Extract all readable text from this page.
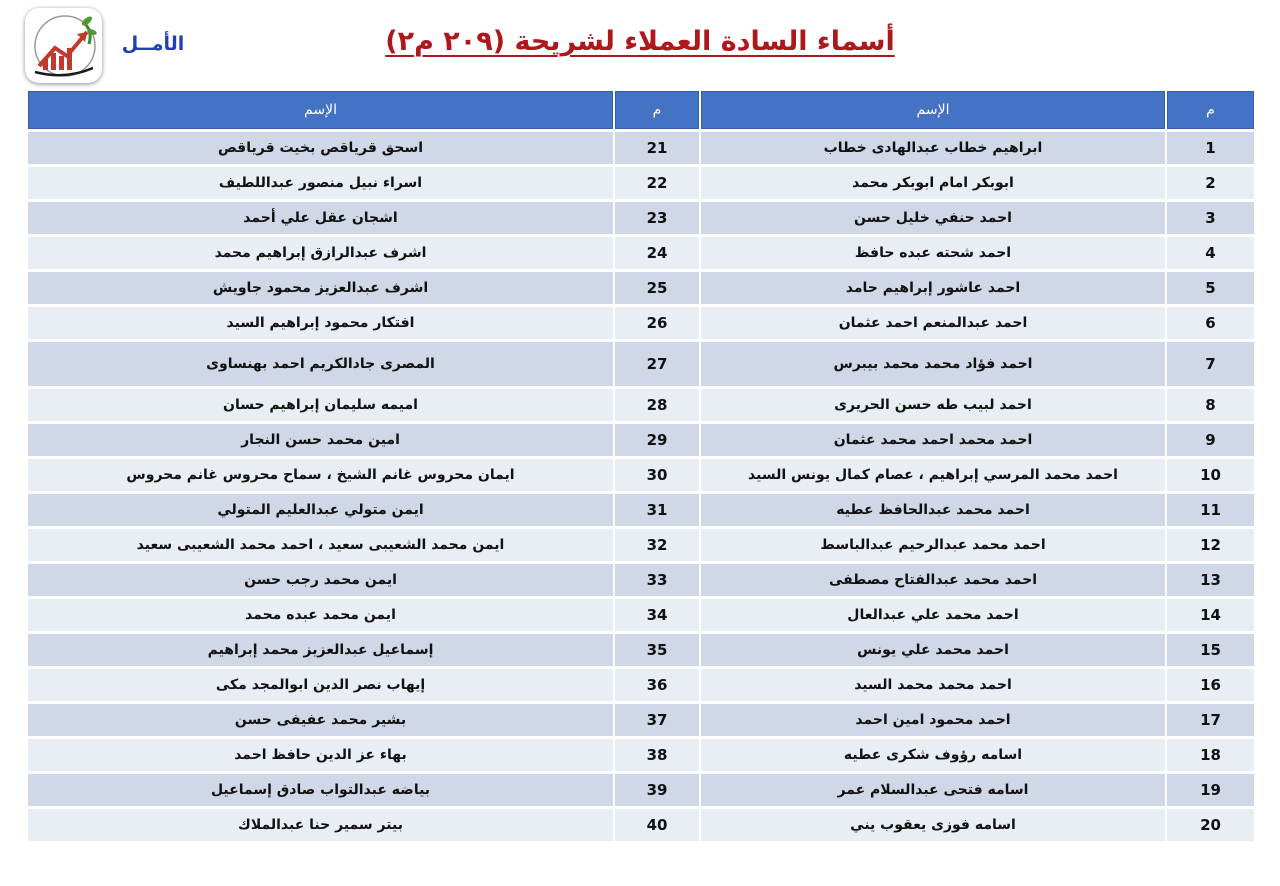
الأمــل	أسماء السادة العملاء لشريحة (٢٠٩ م٢)
الإسم	م	الإسم	م
اسحق قرياقص بخيت قرياقص	21	ابراهيم خطاب عبدالهادى خطاب	1
اسراء نبيل منصور عبداللطيف	22	ابوبكر امام ابوبكر محمد	2
اشجان عقل علي أحمد	23	احمد حنفي خليل حسن	3
اشرف عبدالرازق إبراهيم محمد	24	احمد شحته عبده حافظ	4
اشرف عبدالعزيز محمود جاويش	25	احمد عاشور إبراهيم حامد	5
افتكار محمود إبراهيم السيد	26	احمد عبدالمنعم احمد عثمان	6
المصرى جادالكريم احمد بهنساوى	27	احمد فؤاد محمد محمد بيبرس	7
اميمه سليمان إبراهيم حسان	28	احمد لبيب طه حسن الحريرى	8
امين محمد حسن النجار	29	احمد محمد احمد محمد عثمان	9
ايمان محروس غانم الشيخ ، سماح محروس غانم محروس	30	احمد محمد المرسي إبراهيم ، عصام كمال يونس السيد	10
ايمن متولي عبدالعليم المتولي	31	احمد محمد عبدالحافظ عطيه	11
ايمن محمد الشعيبى سعيد ، احمد محمد الشعيبى سعيد	32	احمد محمد عبدالرحيم عبدالباسط	12
ايمن محمد رجب حسن	33	احمد محمد عبدالفتاح مصطفى	13
ايمن محمد عبده محمد	34	احمد محمد علي عبدالعال	14
إسماعيل عبدالعزيز محمد إبراهيم	35	احمد محمد علي يونس	15
إيهاب نصر الدين ابوالمجد مكى	36	احمد محمد محمد السيد	16
بشير محمد عفيفى حسن	37	احمد محمود امين احمد	17
بهاء عز الدين حافظ احمد	38	اسامه رؤوف شكرى عطيه	18
بياضه عبدالتواب صادق إسماعيل	39	اسامه فتحى عبدالسلام عمر	19
بيتر سمير حنا عبدالملاك	40	اسامه فوزى يعقوب يني	20
